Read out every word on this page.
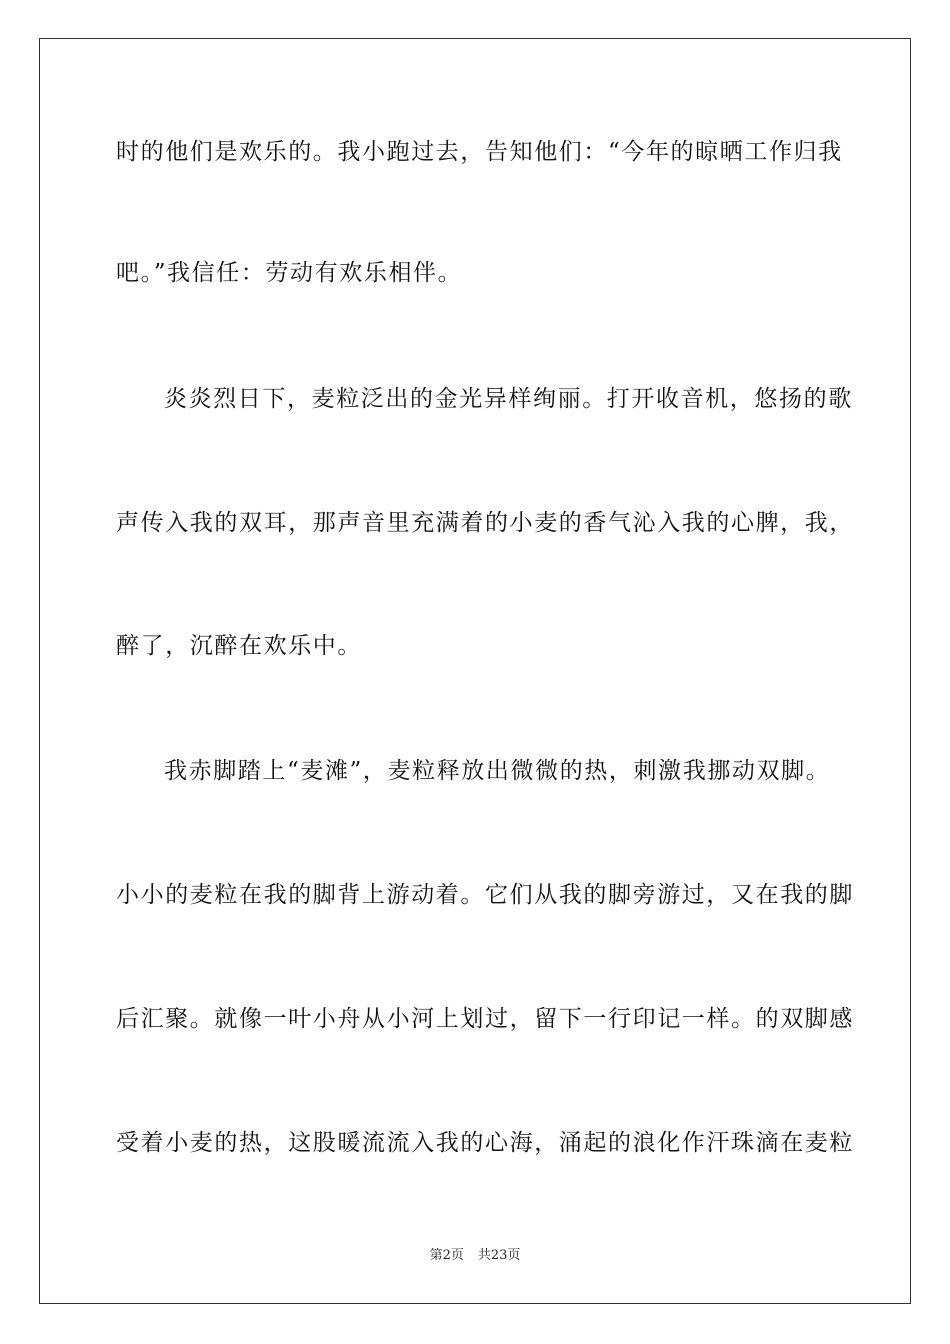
时的他们是欢乐的。我小跑过去，告知他们：“今年的晾晒工作归我
吧。”我信任：劳动有欢乐相伴。
炎炎烈日下，麦粒泛出的金光异样绚丽。打开收音机，悠扬的歌
声传入我的双耳，那声音里充满着的小麦的香气沁入我的心脾，我，
醉了，沉醉在欢乐中。
我赤脚踏上“麦滩”，麦粒释放出微微的热，刺激我挪动双脚。
小小的麦粒在我的脚背上游动着。它们从我的脚旁游过，又在我的脚
后汇聚。就像一叶小舟从小河上划过，留下一行印记一样。的双脚感
受着小麦的热，这股暖流流入我的心海，涌起的浪化作汗珠滴在麦粒
第2页 共23页
